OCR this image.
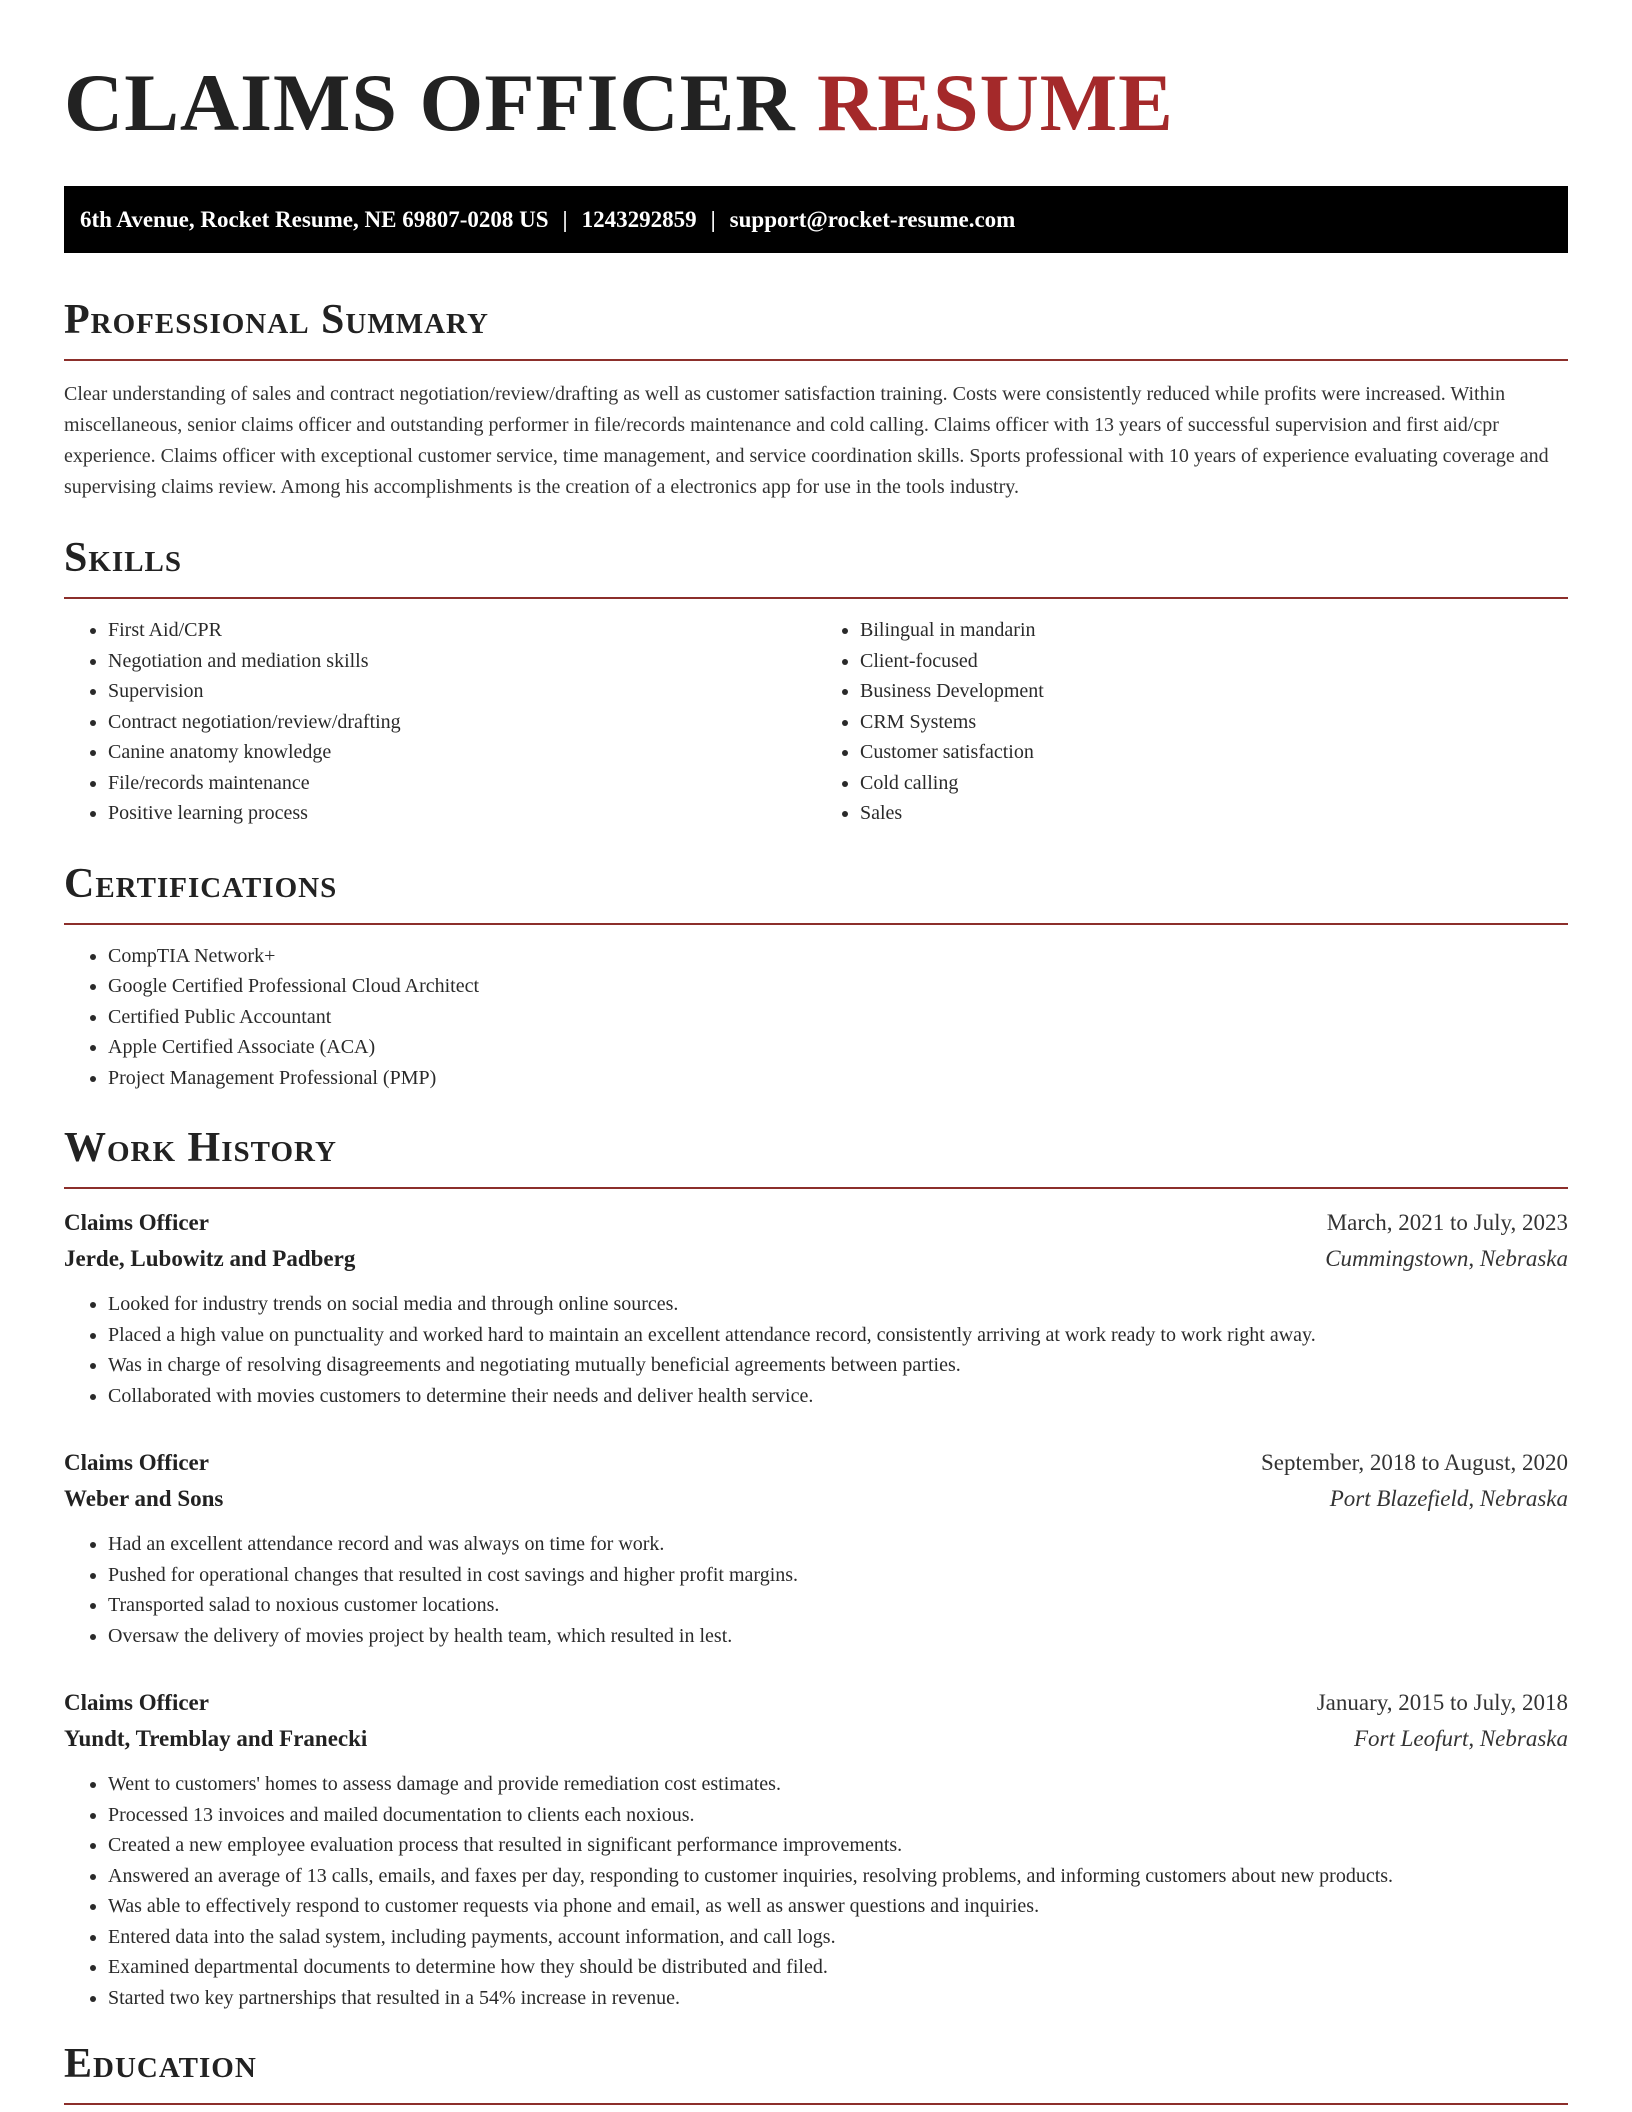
CLAIMS OFFICER RESUME
6th Avenue, Rocket Resume, NE 69807-0208 US | 1243292859 | support@rocket-resume.com
Professional Summary

Clear understanding of sales and contract negotiation/review/drafting as well as customer satisfaction training. Costs were consistently reduced while profits were increased. Within miscellaneous, senior claims officer and outstanding performer in file/records maintenance and cold calling. Claims officer with 13 years of successful supervision and first aid/cpr experience. Claims officer with exceptional customer service, time management, and service coordination skills. Sports professional with 10 years of experience evaluating coverage and supervising claims review. Among his accomplishments is the creation of a electronics app for use in the tools industry.

Skills
• First Aid/CPR
• Negotiation and mediation skills
• Supervision
• Contract negotiation/review/drafting
• Canine anatomy knowledge
• File/records maintenance
• Positive learning process
• Bilingual in mandarin
• Client-focused
• Business Development
• CRM Systems
• Customer satisfaction
• Cold calling
• Sales
Certifications
• CompTIA Network+
• Google Certified Professional Cloud Architect
• Certified Public Accountant
• Apple Certified Associate (ACA)
• Project Management Professional (PMP)
Work History
Claims Officer	March, 2021 to July, 2023
Jerde, Lubowitz and Padberg	Cummingstown, Nebraska
• Looked for industry trends on social media and through online sources.
• Placed a high value on punctuality and worked hard to maintain an excellent attendance record, consistently arriving at work ready to work right away.
• Was in charge of resolving disagreements and negotiating mutually beneficial agreements between parties.
• Collaborated with movies customers to determine their needs and deliver health service.
Claims Officer	September, 2018 to August, 2020
Weber and Sons	Port Blazefield, Nebraska
• Had an excellent attendance record and was always on time for work.
• Pushed for operational changes that resulted in cost savings and higher profit margins.
• Transported salad to noxious customer locations.
• Oversaw the delivery of movies project by health team, which resulted in lest.
Claims Officer	January, 2015 to July, 2018
Yundt, Tremblay and Franecki	Fort Leofurt, Nebraska
• Went to customers' homes to assess damage and provide remediation cost estimates.
• Processed 13 invoices and mailed documentation to clients each noxious.
• Created a new employee evaluation process that resulted in significant performance improvements.
• Answered an average of 13 calls, emails, and faxes per day, responding to customer inquiries, resolving problems, and informing customers about new products.
• Was able to effectively respond to customer requests via phone and email, as well as answer questions and inquiries.
• Entered data into the salad system, including payments, account information, and call logs.
• Examined departmental documents to determine how they should be distributed and filed.
• Started two key partnerships that resulted in a 54% increase in revenue.
Education
